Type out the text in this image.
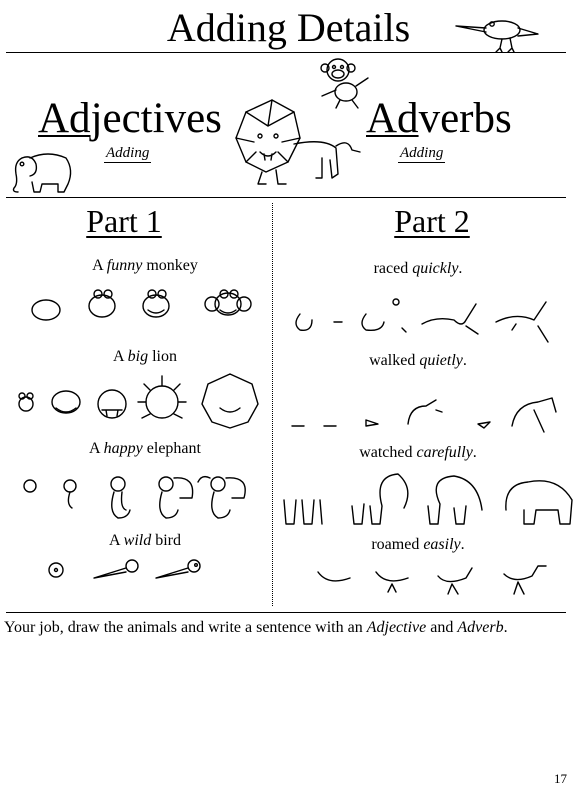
Adding Details
Adjectives
Adding
Adverbs
Adding
Part 1	Part 2
A funny monkey
A big lion
A happy elephant
A wild bird
raced quickly.
walked quietly.
watched carefully.
roamed easily.
Your job, draw the animals and write a sentence with an Adjective and Adverb.
17
